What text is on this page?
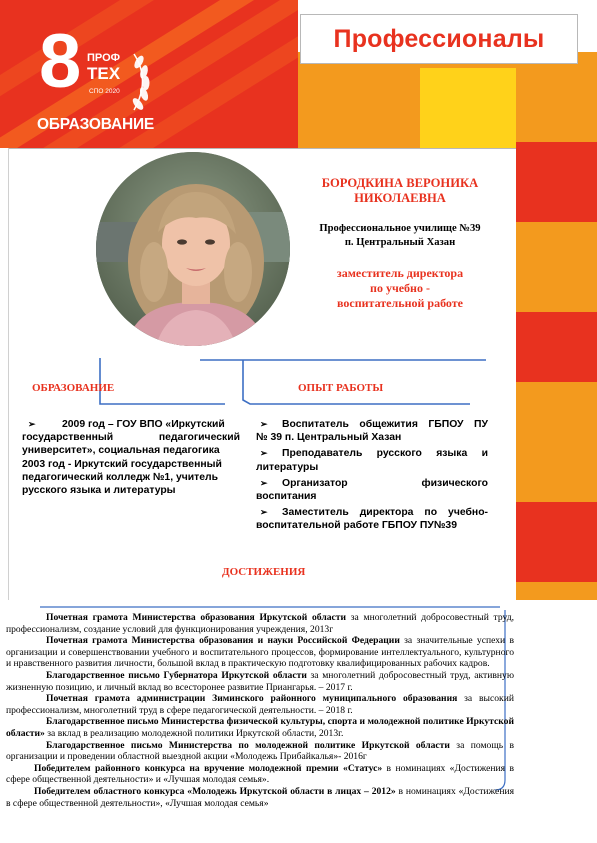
Профессионалы
8 ПРОФ
ТЕХ
СПО 2020
ОБРАЗОВАНИЕ
БОРОДКИНА ВЕРОНИКА
НИКОЛАЕВНА
Профессиональное училище №39
п. Центральный Хазан
заместитель директора
по учебно -
воспитательной работе
ОБРАЗОВАНИЕ	ОПЫТ РАБОТЫ
➢	2009 год – ГОУ ВПО «Иркутский
государственный педагогический
университет», социальная педагогика
2003 год - Иркутский государственный
педагогический колледж №1, учитель
русского языка и литературы
➢ Воспитатель общежития ГБПОУ ПУ
№ 39 п. Центральный Хазан
➢ Преподаватель русского языка и
литературы
➢ Организатор физического
воспитания
➢ Заместитель директора по учебно-
воспитательной работе ГБПОУ ПУ№39
ДОСТИЖЕНИЯ

Почетная грамота Министерства образования Иркутской области за многолетний добросовестный труд, профессионализм, создание условий для функционирования учреждения, 2013г

Почетная грамота Министерства образования и науки Российской Федерации за значительные успехи в организации и совершенствовании учебного и воспитательного процессов, формирование интеллектуального, культурного и нравственного развития личности, большой вклад в практическую подготовку квалифицированных рабочих кадров.

Благодарственное письмо Губернатора Иркутской области за многолетний добросовестный труд, активную жизненную позицию, и личный вклад во всесторонее развитие Приангарья. – 2017 г.

Почетная грамота администрации Зиминского районного муниципального образования за высокий профессионализм, многолетний труд в сфере педагогической деятельности. – 2018 г.

Благодарственное письмо Министерства физической культуры, спорта и молодежной политике Иркутской области» за вклад в реализацию молодежной политики Иркутской области, 2013г.

Благодарственное письмо Министерства по молодежной политике Иркутской области за помощь в организации и проведении областной выездной акции «Молодежь Прибайкалья»- 2016г

Победителем районного конкурса на вручение молодежной премии «Статус» в номинациях «Достижения в сфере общественной деятельности» и «Лучшая молодая семья».

Победителем областного конкурса «Молодежь Иркутской области в лицах – 2012» в номинациях «Достижения в сфере общественной деятельности», «Лучшая молодая семья»
